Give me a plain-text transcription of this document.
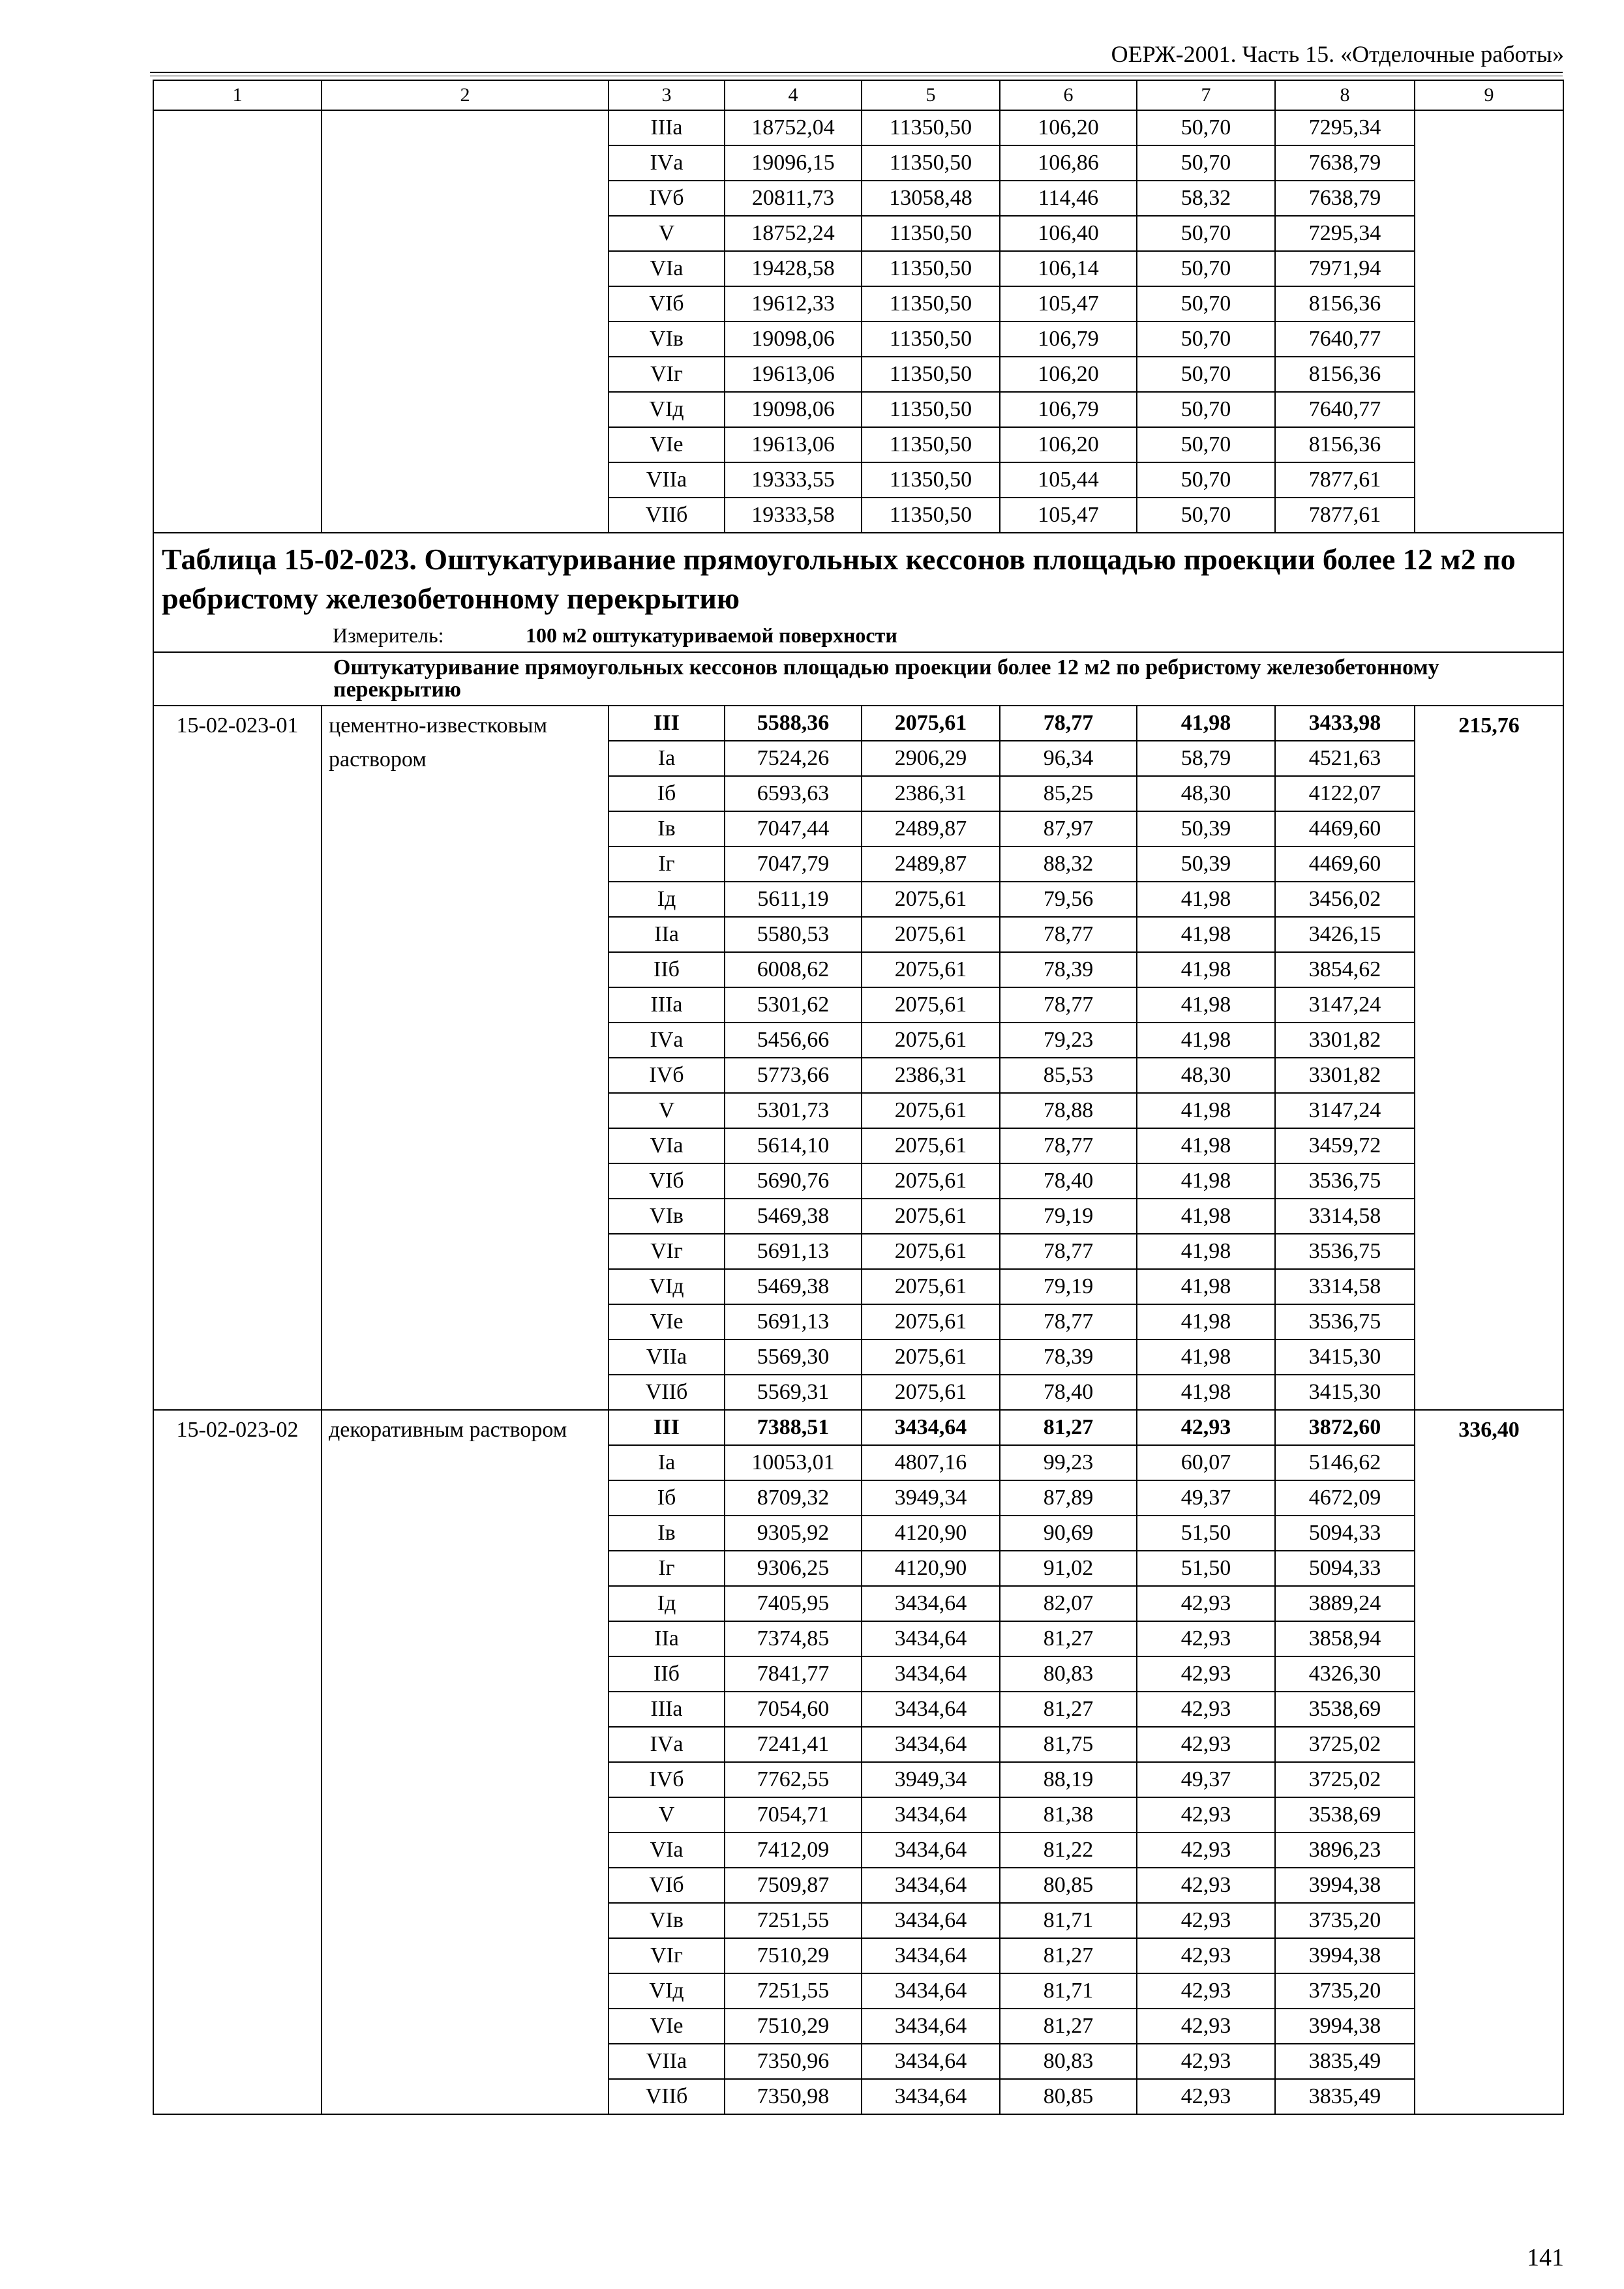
ОЕРЖ-2001. Часть 15. «Отделочные работы»
1	2	3	4	5	6	7	8	9
		IIIа	18752,04	11350,50	106,20	50,70	7295,34	
		IVа	19096,15	11350,50	106,86	50,70	7638,79	
		IVб	20811,73	13058,48	114,46	58,32	7638,79	
		V	18752,24	11350,50	106,40	50,70	7295,34	
		VIа	19428,58	11350,50	106,14	50,70	7971,94	
		VIб	19612,33	11350,50	105,47	50,70	8156,36	
		VIв	19098,06	11350,50	106,79	50,70	7640,77	
		VIг	19613,06	11350,50	106,20	50,70	8156,36	
		VIд	19098,06	11350,50	106,79	50,70	7640,77	
		VIе	19613,06	11350,50	106,20	50,70	8156,36	
		VIIа	19333,55	11350,50	105,44	50,70	7877,61	
		VIIб	19333,58	11350,50	105,47	50,70	7877,61	

Таблица 15-02-023. Оштукатуривание прямоугольных кессонов площадью проекции более 12 м2 по ребристому железобетонному перекрытию
Измеритель: 100 м2 оштукатуриваемой поверхности								

Оштукатуривание прямоугольных кессонов площадью проекции более 12 м2 по ребристому железобетонному перекрытию								
15-02-023-01	цементно-известковым раствором	III	5588,36	2075,61	78,77	41,98	3433,98	215,76
		Iа	7524,26	2906,29	96,34	58,79	4521,63	
		Iб	6593,63	2386,31	85,25	48,30	4122,07	
		Iв	7047,44	2489,87	87,97	50,39	4469,60	
		Iг	7047,79	2489,87	88,32	50,39	4469,60	
		Iд	5611,19	2075,61	79,56	41,98	3456,02	
		IIа	5580,53	2075,61	78,77	41,98	3426,15	
		IIб	6008,62	2075,61	78,39	41,98	3854,62	
		IIIа	5301,62	2075,61	78,77	41,98	3147,24	
		IVа	5456,66	2075,61	79,23	41,98	3301,82	
		IVб	5773,66	2386,31	85,53	48,30	3301,82	
		V	5301,73	2075,61	78,88	41,98	3147,24	
		VIа	5614,10	2075,61	78,77	41,98	3459,72	
		VIб	5690,76	2075,61	78,40	41,98	3536,75	
		VIв	5469,38	2075,61	79,19	41,98	3314,58	
		VIг	5691,13	2075,61	78,77	41,98	3536,75	
		VIд	5469,38	2075,61	79,19	41,98	3314,58	
		VIе	5691,13	2075,61	78,77	41,98	3536,75	
		VIIа	5569,30	2075,61	78,39	41,98	3415,30	
		VIIб	5569,31	2075,61	78,40	41,98	3415,30	
15-02-023-02	декоративным раствором	III	7388,51	3434,64	81,27	42,93	3872,60	336,40
		Iа	10053,01	4807,16	99,23	60,07	5146,62	
		Iб	8709,32	3949,34	87,89	49,37	4672,09	
		Iв	9305,92	4120,90	90,69	51,50	5094,33	
		Iг	9306,25	4120,90	91,02	51,50	5094,33	
		Iд	7405,95	3434,64	82,07	42,93	3889,24	
		IIа	7374,85	3434,64	81,27	42,93	3858,94	
		IIб	7841,77	3434,64	80,83	42,93	4326,30	
		IIIа	7054,60	3434,64	81,27	42,93	3538,69	
		IVа	7241,41	3434,64	81,75	42,93	3725,02	
		IVб	7762,55	3949,34	88,19	49,37	3725,02	
		V	7054,71	3434,64	81,38	42,93	3538,69	
		VIа	7412,09	3434,64	81,22	42,93	3896,23	
		VIб	7509,87	3434,64	80,85	42,93	3994,38	
		VIв	7251,55	3434,64	81,71	42,93	3735,20	
		VIг	7510,29	3434,64	81,27	42,93	3994,38	
		VIд	7251,55	3434,64	81,71	42,93	3735,20	
		VIе	7510,29	3434,64	81,27	42,93	3994,38	
		VIIа	7350,96	3434,64	80,83	42,93	3835,49	
		VIIб	7350,98	3434,64	80,85	42,93	3835,49	
141
